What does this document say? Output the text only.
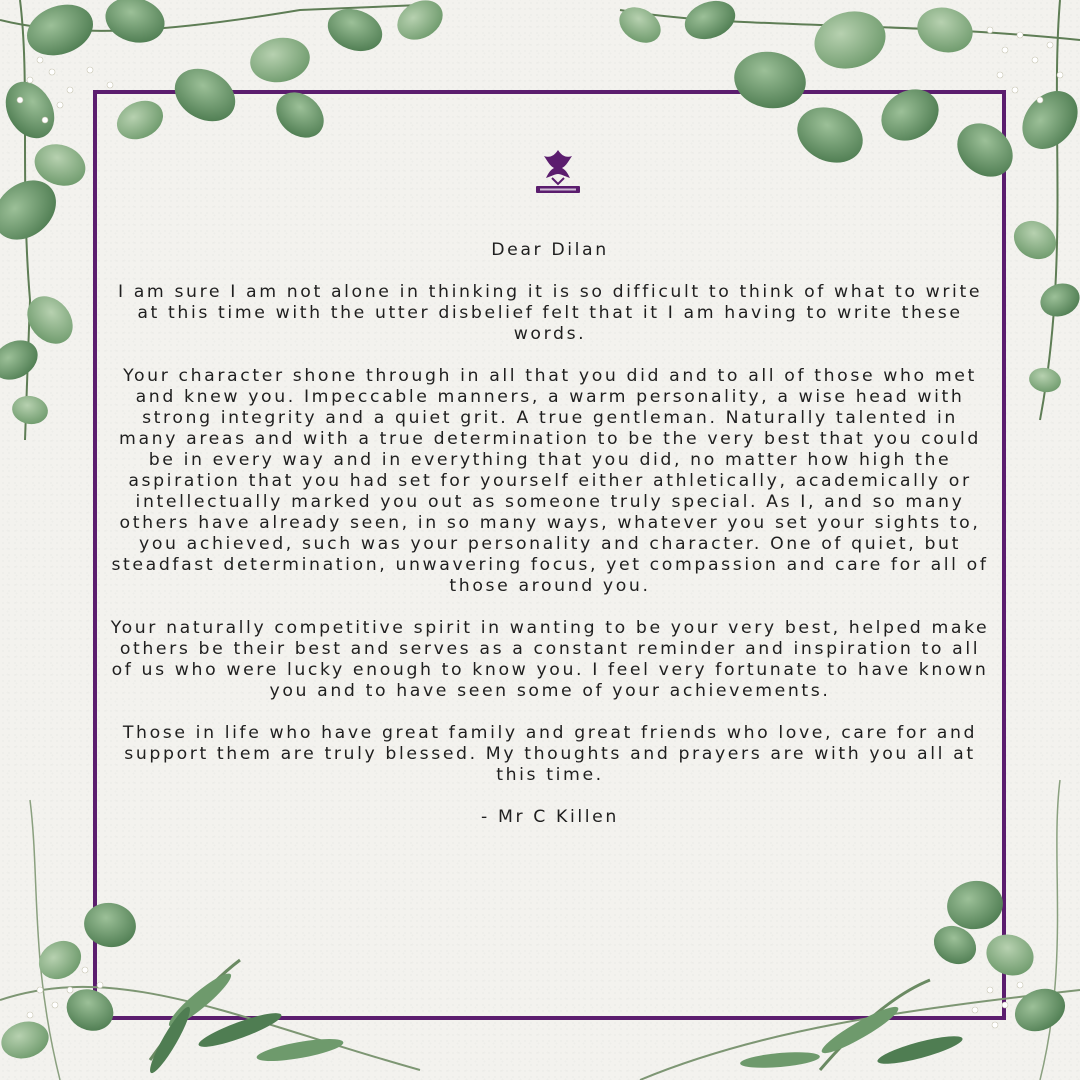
Dear Dilan

I am sure I am not alone in thinking it is so difficult to think of what to write at this time with the utter disbelief felt that it I am having to write these words.

Your character shone through in all that you did and to all of those who met and knew you. Impeccable manners, a warm personality, a wise head with strong integrity and a quiet grit. A true gentleman. Naturally talented in many areas and with a true determination to be the very best that you could be in every way and in everything that you did, no matter how high the aspiration that you had set for yourself either athletically, academically or intellectually marked you out as someone truly special. As I, and so many others have already seen, in so many ways, whatever you set your sights to, you achieved, such was your personality and character. One of quiet, but steadfast determination, unwavering focus, yet compassion and care for all of those around you.

Your naturally competitive spirit in wanting to be your very best, helped make others be their best and serves as a constant reminder and inspiration to all of us who were lucky enough to know you. I feel very fortunate to have known you and to have seen some of your achievements.

Those in life who have great family and great friends who love, care for and support them are truly blessed. My thoughts and prayers are with you all at this time.

- Mr C Killen
